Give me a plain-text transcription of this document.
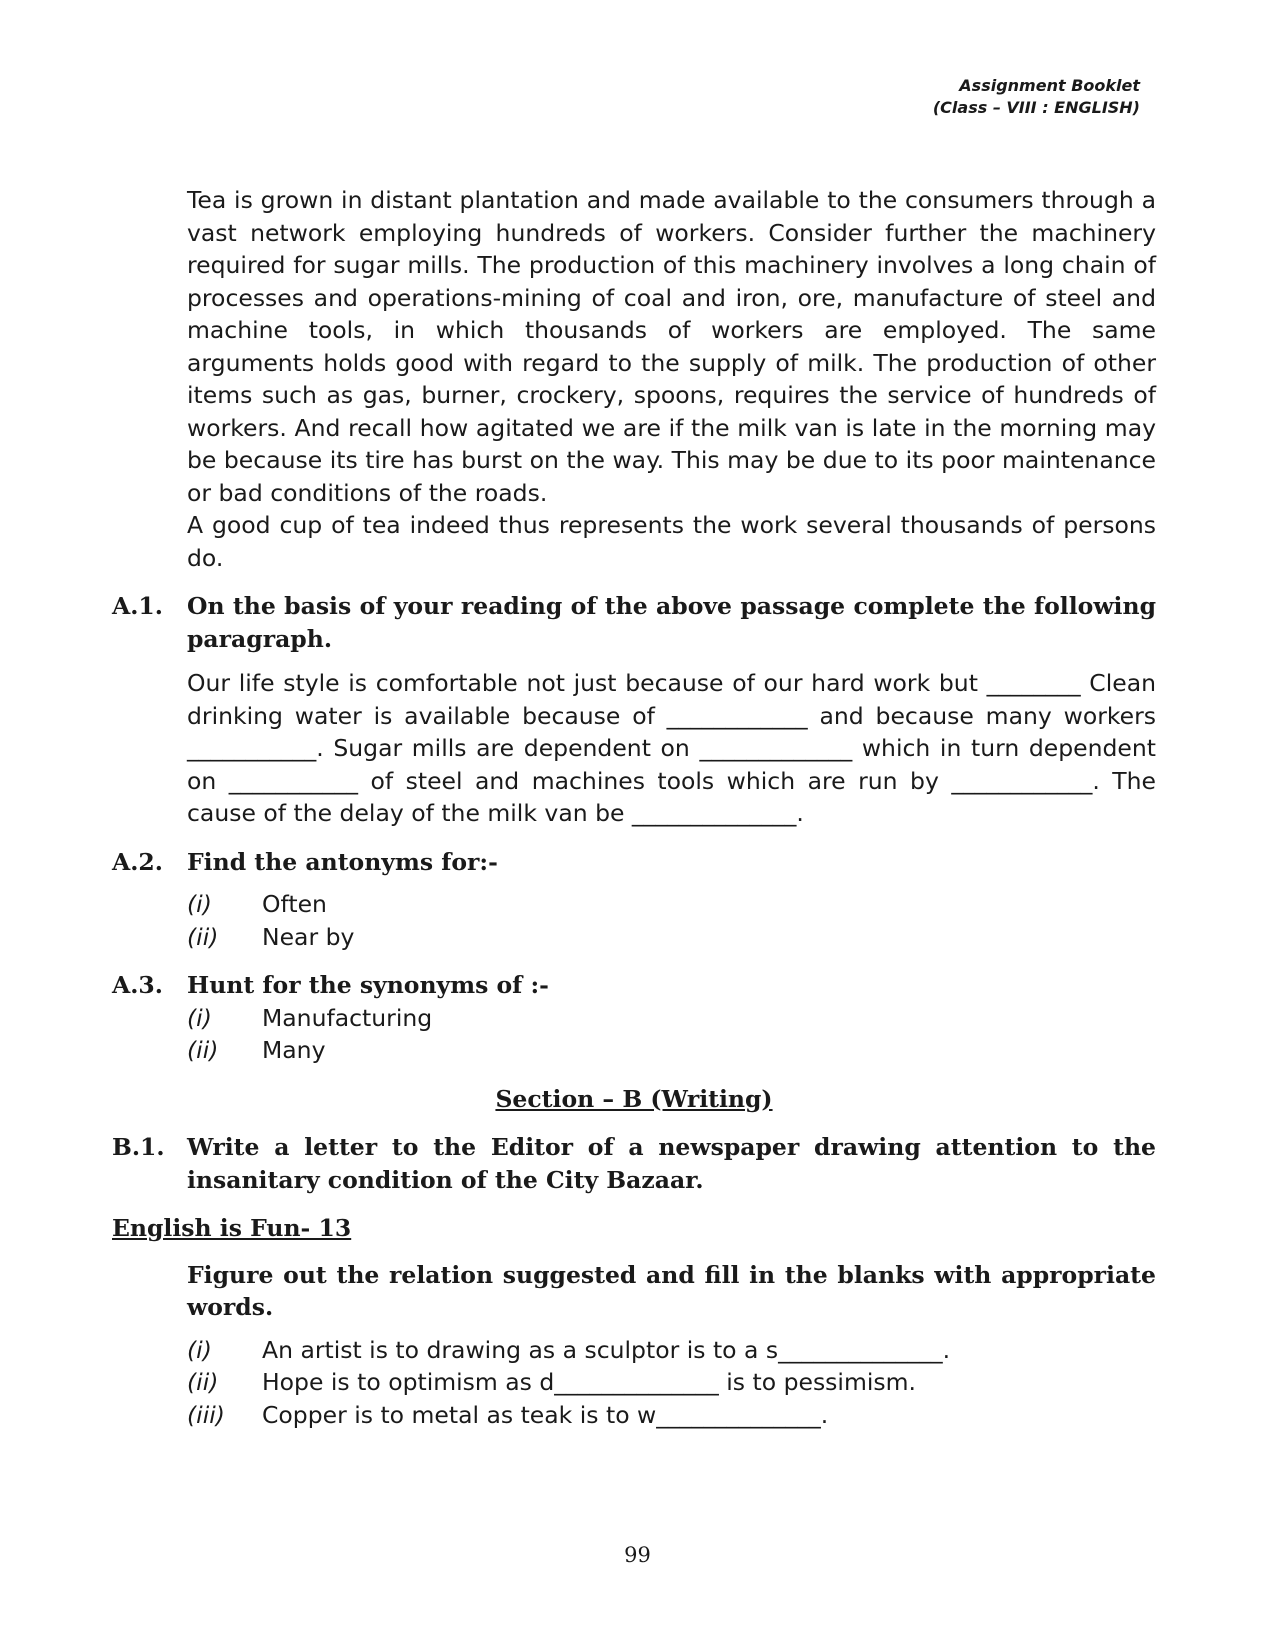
Assignment Booklet
(Class – VIII : ENGLISH)

Tea is grown in distant plantation and made available to the consumers through a vast network employing hundreds of workers. Consider further the machinery required for sugar mills. The production of this machinery involves a long chain of processes and operations-mining of coal and iron, ore, manufacture of steel and machine tools, in which thousands of workers are employed. The same arguments holds good with regard to the supply of milk. The production of other items such as gas, burner, crockery, spoons, requires the service of hundreds of workers. And recall how agitated we are if the milk van is late in the morning may be because its tire has burst on the way. This may be due to its poor maintenance or bad conditions of the roads.

A good cup of tea indeed thus represents the work several thousands of persons do.

A.1.	On the basis of your reading of the above passage complete the following paragraph.
Our life style is comfortable not just because of our hard work but ________ Clean drinking water is available because of ____________ and because many workers ___________. Sugar mills are dependent on _____________ which in turn dependent on ___________ of steel and machines tools which are run by ____________. The cause of the delay of the milk van be ______________.
A.2.	Find the antonyms for:-
(i)	Often
(ii)	Near by
A.3.	Hunt for the synonyms of :-
(i)	Manufacturing
(ii)	Many
Section – B (Writing)
B.1. Write a letter to the Editor of a newspaper drawing attention to the insanitary condition of the City Bazaar.
English is Fun- 13
Figure out the relation suggested and fill in the blanks with appropriate words.
(i)	An artist is to drawing as a sculptor is to a s______________.
(ii)	Hope is to optimism as d______________ is to pessimism.
(iii)	Copper is to metal as teak is to w______________.
99
